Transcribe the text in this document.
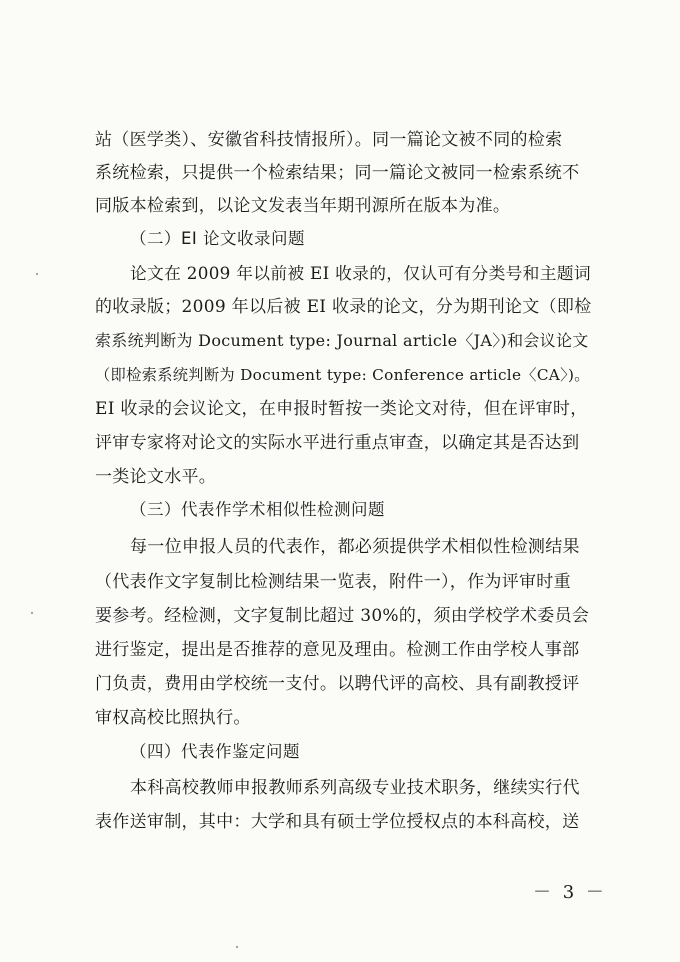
站（医学类）、安徽省科技情报所）。同一篇论文被不同的检索
系统检索，只提供一个检索结果；同一篇论文被同一检索系统不
同版本检索到，以论文发表当年期刊源所在版本为准。
（二）EI 论文收录问题
论文在 2009 年以前被 EI 收录的，仅认可有分类号和主题词
的收录版；2009 年以后被 EI 收录的论文，分为期刊论文（即检
索系统判断为 Document type: Journal article〈JA〉)和会议论文
（即检索系统判断为 Document type: Conference article〈CA〉)。
EI 收录的会议论文，在申报时暂按一类论文对待，但在评审时，
评审专家将对论文的实际水平进行重点审查，以确定其是否达到
一类论文水平。
（三）代表作学术相似性检测问题
每一位申报人员的代表作，都必须提供学术相似性检测结果
（代表作文字复制比检测结果一览表，附件一），作为评审时重
要参考。经检测，文字复制比超过 30%的，须由学校学术委员会
进行鉴定，提出是否推荐的意见及理由。检测工作由学校人事部
门负责，费用由学校统一支付。以聘代评的高校、具有副教授评
审权高校比照执行。
（四）代表作鉴定问题
本科高校教师申报教师系列高级专业技术职务，继续实行代
表作送审制，其中：大学和具有硕士学位授权点的本科高校，送
－ 3 －
